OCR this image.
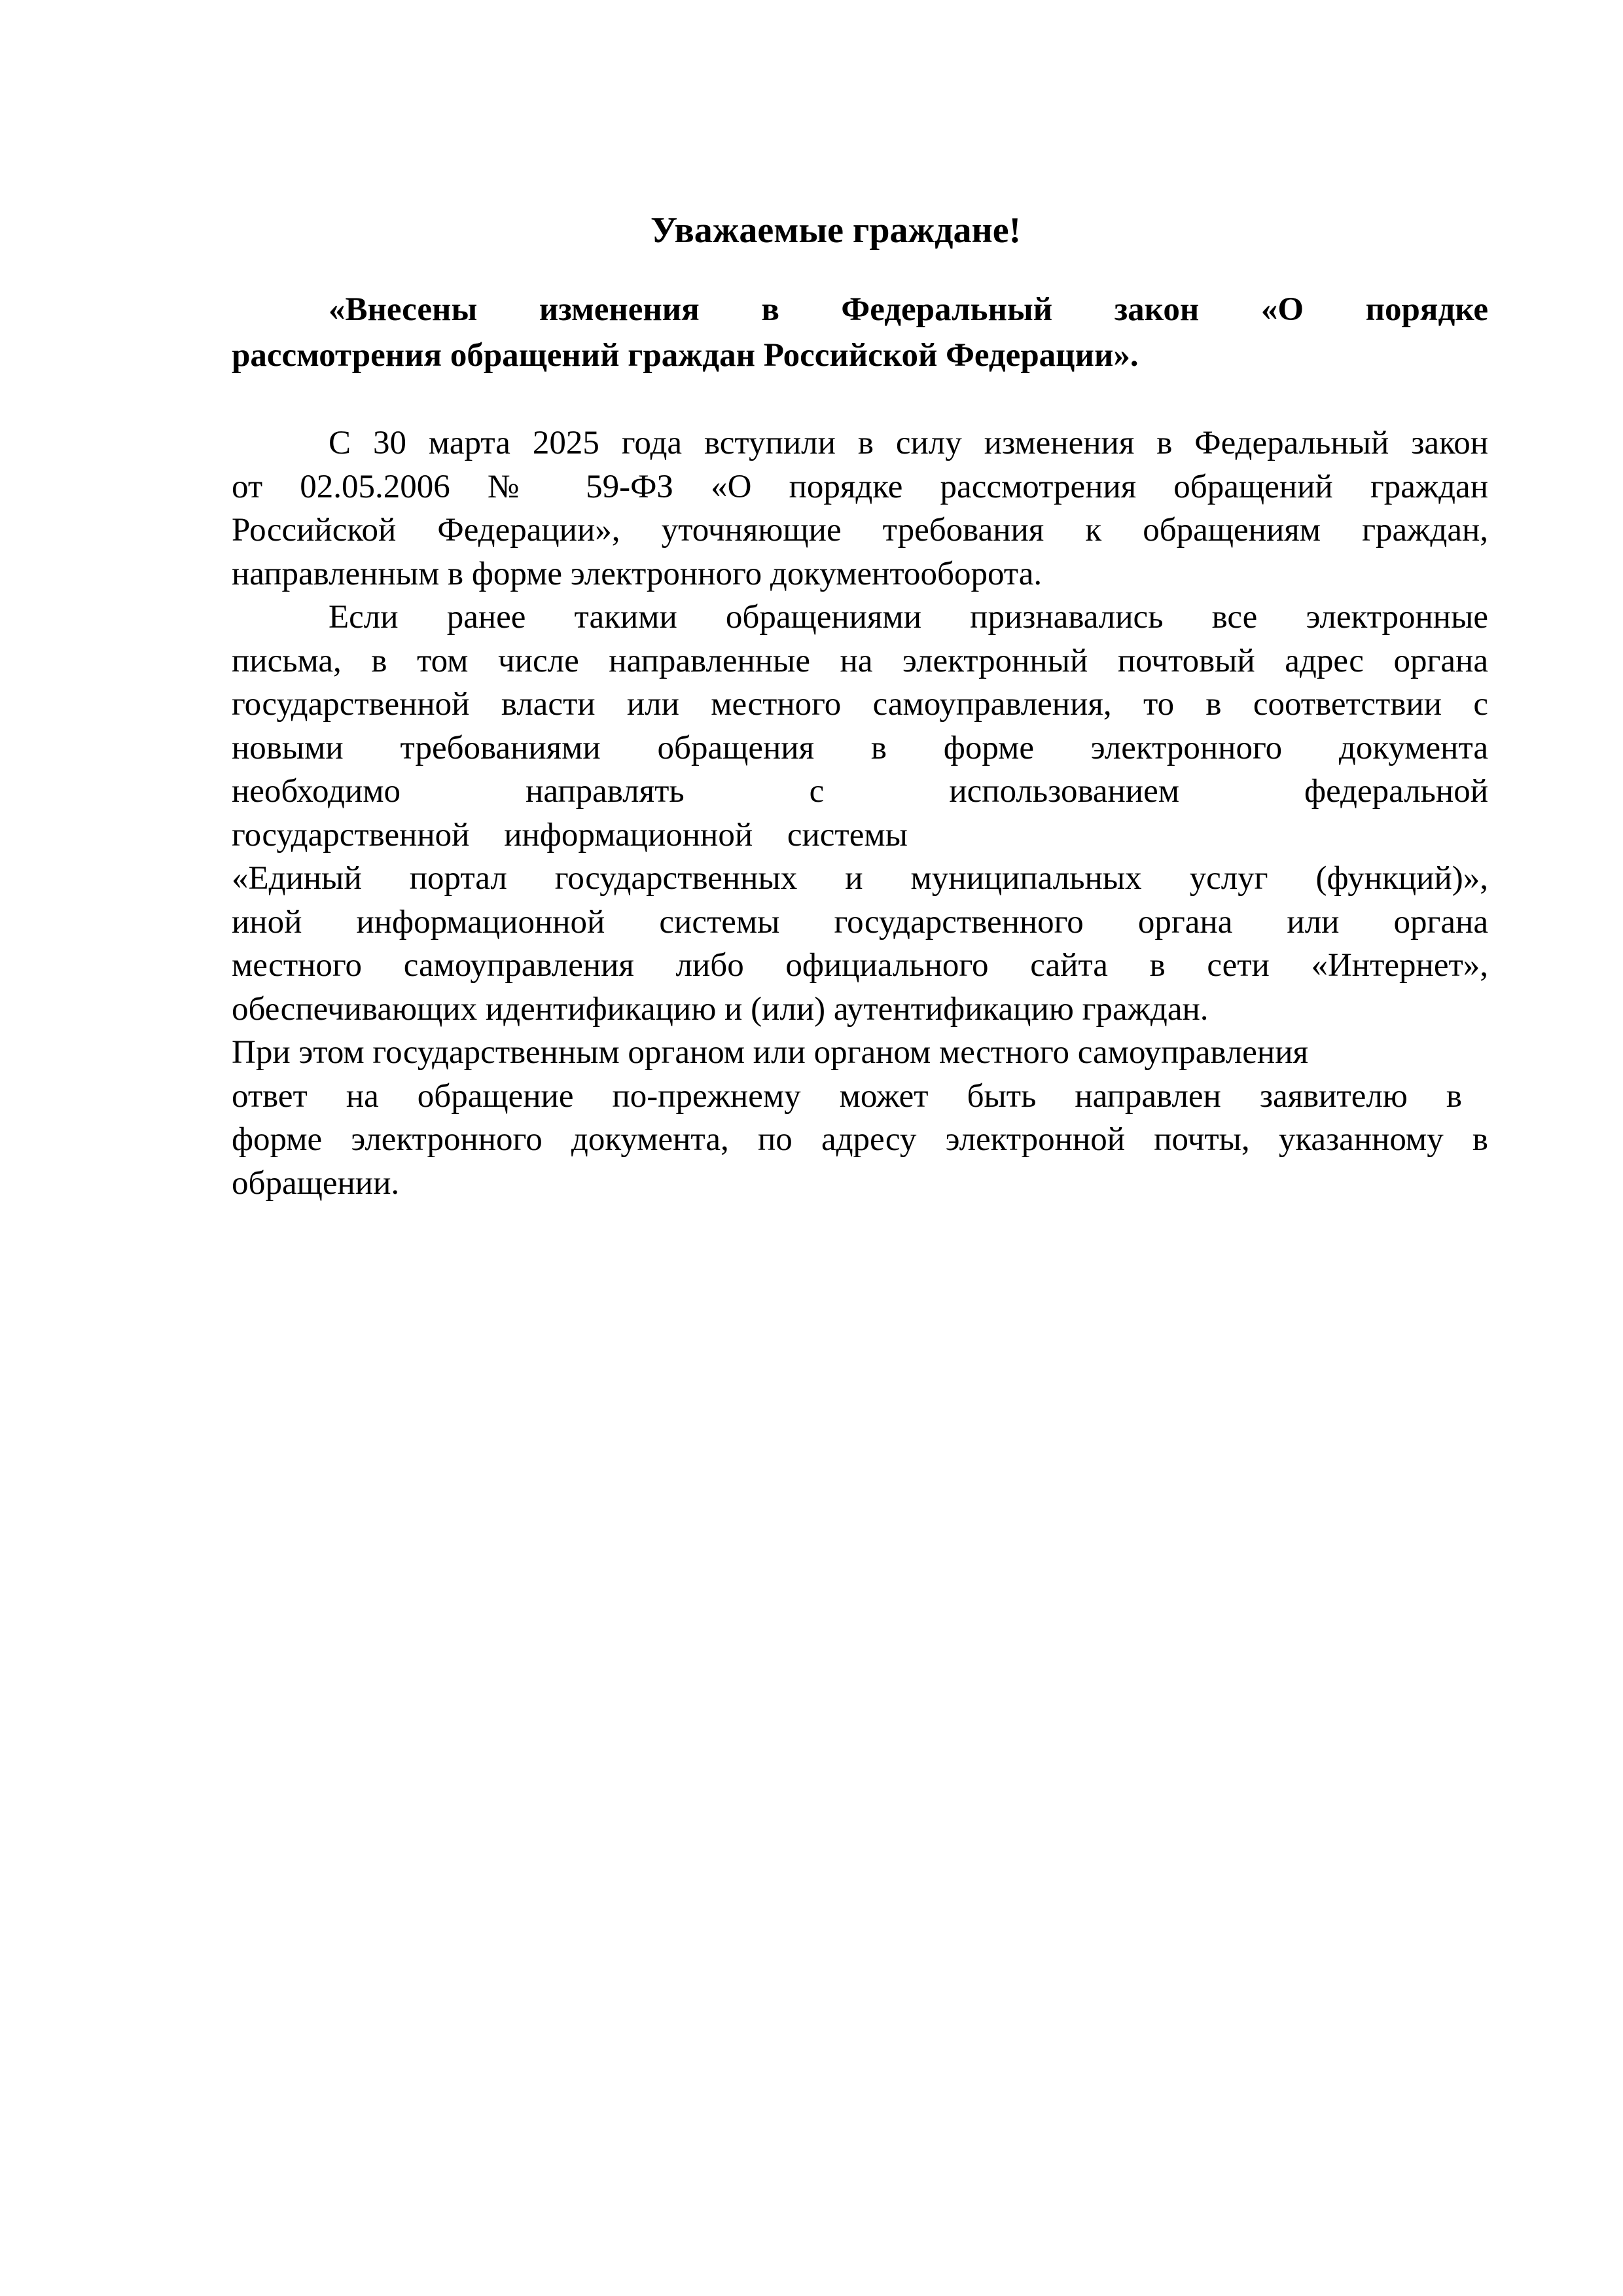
Уважаемые граждане!

«Внесены изменения в Федеральный закон «О порядке
рассмотрения обращений граждан Российской Федерации».

С 30 марта 2025 года вступили в силу изменения в Федеральный закон
от 02.05.2006 № 59-ФЗ «О порядке рассмотрения обращений граждан
Российской Федерации», уточняющие требования к обращениям граждан,
направленным в форме электронного документооборота.

Если ранее такими обращениями признавались все электронные
письма, в том числе направленные на электронный почтовый адрес органа
государственной власти или местного самоуправления, то в соответствии с
новыми требованиями обращения в форме электронного документа
необходимо направлять с использованием федеральной
государственной информационной системы
«Единый портал государственных и муниципальных услуг (функций)»,
иной информационной системы государственного органа или органа
местного самоуправления либо официального сайта в сети «Интернет»,
обеспечивающих идентификацию и (или) аутентификацию граждан.

При этом государственным органом или органом местного самоуправления
ответ на обращение по-прежнему может быть направлен заявителю в
форме электронного документа, по адресу электронной почты, указанному в
обращении.
